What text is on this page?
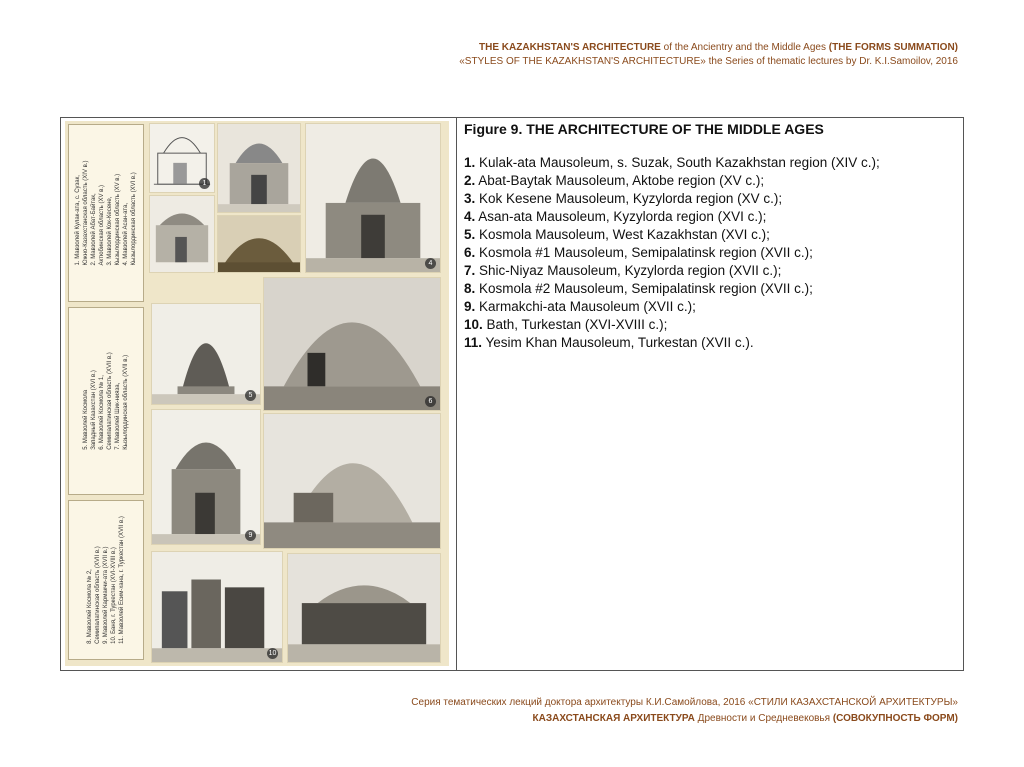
THE KAZAKHSTAN'S ARCHITECTURE of the Ancientry and the Middle Ages (THE FORMS SUMMATION)
«STYLES OF THE KAZAKHSTAN'S ARCHITECTURE» the Series of thematic lectures by Dr. K.I.Samoilov, 2016
1. Мавзолей Кулак-ата, с. Сузак, Южно-Казахстанская область (XIV в.) 2. Мавзолей Абат-Байтак, Актюбинская область (XV в.) 3. Мавзолей Кок-Кесене, Кызылординская область (XV в.) 4. Мавзолей Асан-ата, Кызылординская область (XVI в.)
5. Мавзолей Космола Западный Казахстан (XVI в.) 6. Мавзолей Космола № 1, Семипалатинская область (XVII в.) 7. Мавзолей Шик-ниязa, Кызылординская область (XVII в.)
8. Мавзолей Космола № 2, Семипалатинская область (XVII в.) 9. Мавзолей Кармакчи-ата (XVII в.) 10. Баня, г. Туркестан (XVI-XVIII в.) 11. Мавзолей Есим-хана, г. Туркестан (XVII в.)
1
4
5
6
9
10
Figure 9. THE ARCHITECTURE OF THE MIDDLE AGES
1. Kulak-ata Mausoleum, s. Suzak, South Kazakhstan region (XIV c.);
2. Abat-Baytak Mausoleum, Aktobe region (XV c.);
3. Kok Kesene Mausoleum, Kyzylorda region (XV c.);
4. Asan-ata Mausoleum, Kyzylorda region (XVI c.);
5. Kosmola Mausoleum, West Kazakhstan (XVI c.);
6. Kosmola #1 Mausoleum, Semipalatinsk region (XVII c.);
7. Shic-Niyaz Mausoleum, Kyzylorda region (XVII c.);
8. Kosmola #2 Mausoleum, Semipalatinsk region (XVII c.);
9. Karmakchi-ata Mausoleum (XVII c.);
10. Bath, Turkestan (XVI-XVIII c.);
11. Yesim Khan Mausoleum, Turkestan (XVII c.).
Серия тематических лекций доктора архитектуры К.И.Самойлова, 2016 «СТИЛИ КАЗАХСТАНСКОЙ АРХИТЕКТУРЫ»
КАЗАХСТАНСКАЯ АРХИТЕКТУРА Древности и Средневековья (СОВОКУПНОСТЬ ФОРМ)
